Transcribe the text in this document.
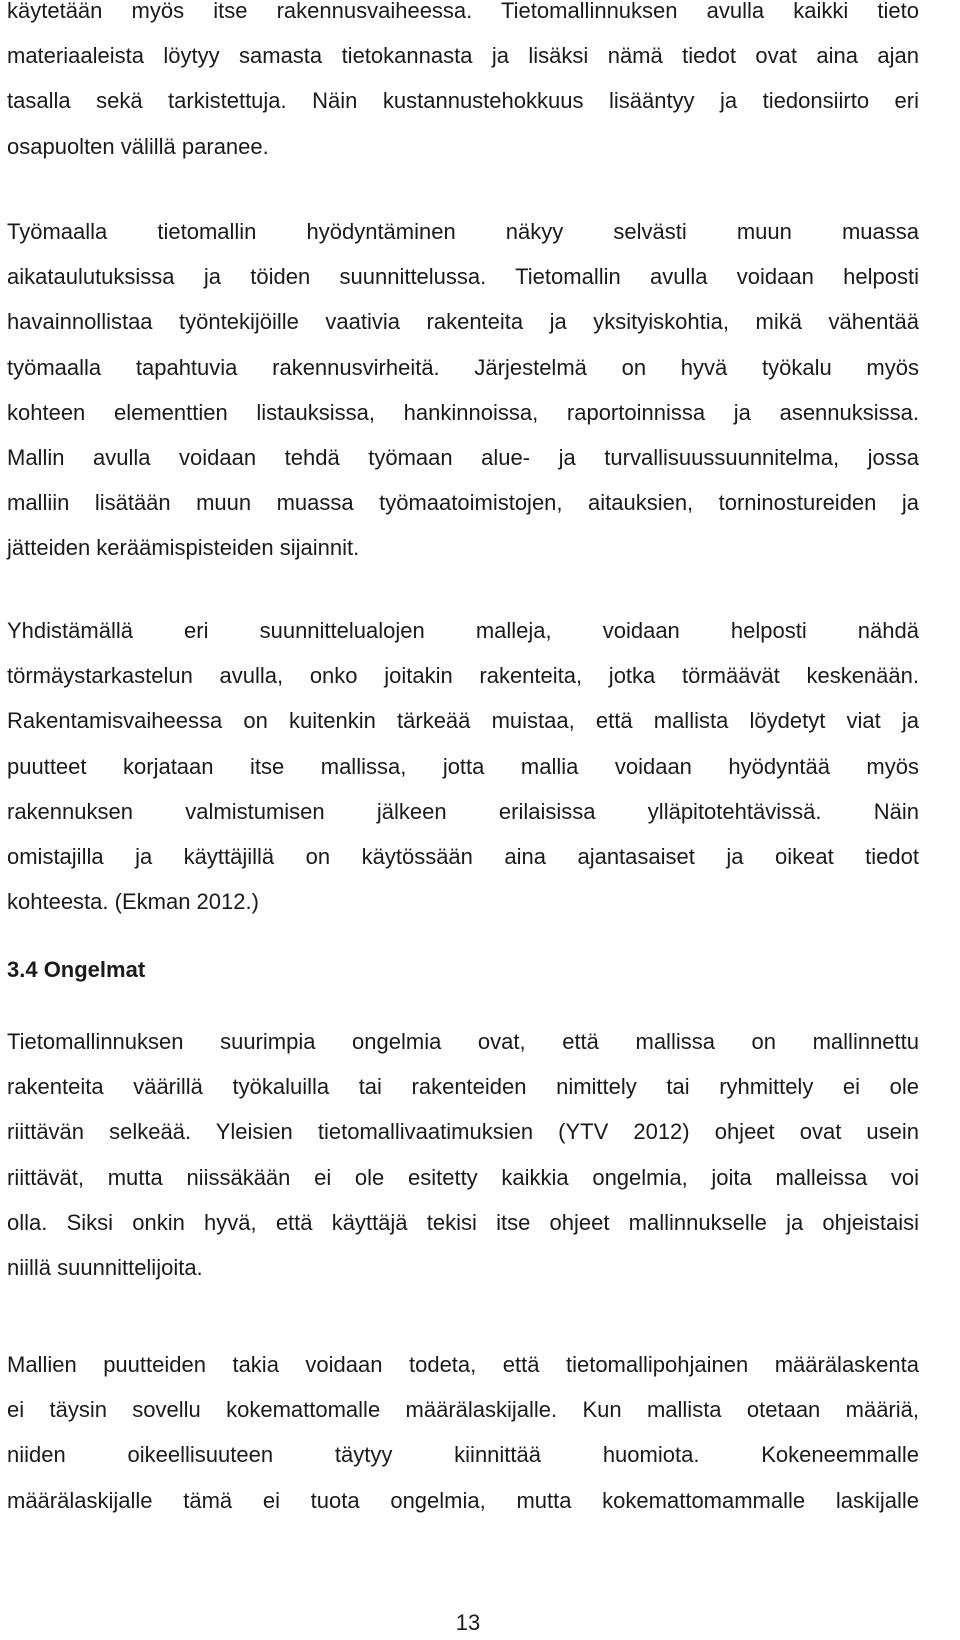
käytetään myös itse rakennusvaiheessa. Tietomallinnuksen avulla kaikki tieto
materiaaleista löytyy samasta tietokannasta ja lisäksi nämä tiedot ovat aina ajan
tasalla sekä tarkistettuja. Näin kustannustehokkuus lisääntyy ja tiedonsiirto eri
osapuolten välillä paranee.

Työmaalla tietomallin hyödyntäminen näkyy selvästi muun muassa
aikataulutuksissa ja töiden suunnittelussa. Tietomallin avulla voidaan helposti
havainnollistaa työntekijöille vaativia rakenteita ja yksityiskohtia, mikä vähentää
työmaalla tapahtuvia rakennusvirheitä. Järjestelmä on hyvä työkalu myös
kohteen elementtien listauksissa, hankinnoissa, raportoinnissa ja asennuksissa.
Mallin avulla voidaan tehdä työmaan alue- ja turvallisuussuunnitelma, jossa
malliin lisätään muun muassa työmaatoimistojen, aitauksien, torninostureiden ja
jätteiden keräämispisteiden sijainnit.

Yhdistämällä eri suunnittelualojen malleja, voidaan helposti nähdä
törmäystarkastelun avulla, onko joitakin rakenteita, jotka törmäävät keskenään.
Rakentamisvaiheessa on kuitenkin tärkeää muistaa, että mallista löydetyt viat ja
puutteet korjataan itse mallissa, jotta mallia voidaan hyödyntää myös
rakennuksen valmistumisen jälkeen erilaisissa ylläpitotehtävissä. Näin
omistajilla ja käyttäjillä on käytössään aina ajantasaiset ja oikeat tiedot
kohteesta. (Ekman 2012.)

3.4 Ongelmat

Tietomallinnuksen suurimpia ongelmia ovat, että mallissa on mallinnettu
rakenteita väärillä työkaluilla tai rakenteiden nimittely tai ryhmittely ei ole
riittävän selkeää. Yleisien tietomallivaatimuksien (YTV 2012) ohjeet ovat usein
riittävät, mutta niissäkään ei ole esitetty kaikkia ongelmia, joita malleissa voi
olla. Siksi onkin hyvä, että käyttäjä tekisi itse ohjeet mallinnukselle ja ohjeistaisi
niillä suunnittelijoita.

Mallien puutteiden takia voidaan todeta, että tietomallipohjainen määrälaskenta
ei täysin sovellu kokemattomalle määrälaskijalle. Kun mallista otetaan määriä,
niiden oikeellisuuteen täytyy kiinnittää huomiota. Kokeneemmalle
määrälaskijalle tämä ei tuota ongelmia, mutta kokemattomammalle laskijalle

13
